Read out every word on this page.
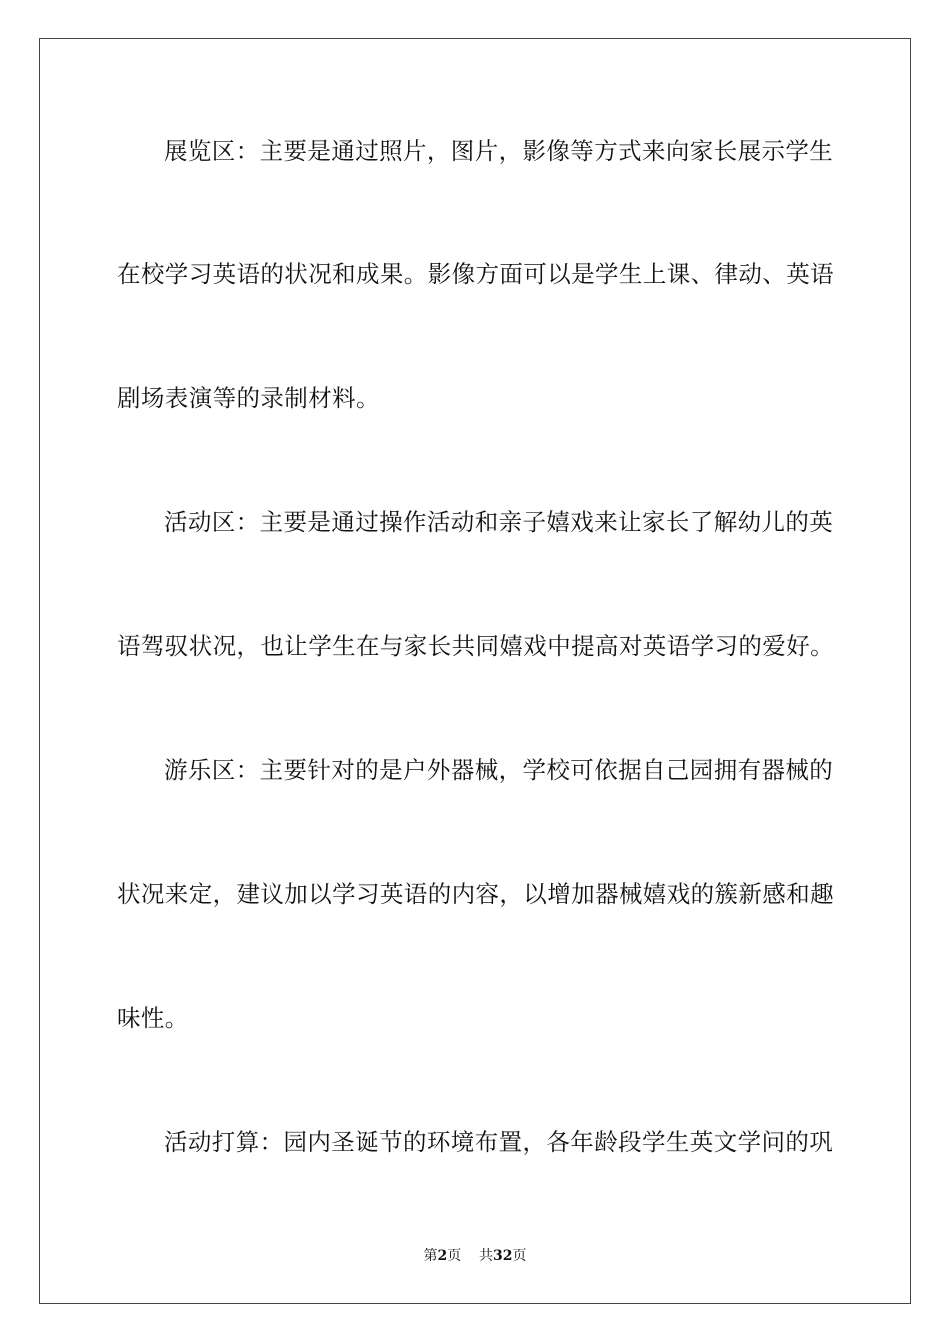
展览区：主要是通过照片，图片，影像等方式来向家长展示学生
在校学习英语的状况和成果。影像方面可以是学生上课、律动、英语
剧场表演等的录制材料。
活动区：主要是通过操作活动和亲子嬉戏来让家长了解幼儿的英
语驾驭状况，也让学生在与家长共同嬉戏中提高对英语学习的爱好。
游乐区：主要针对的是户外器械，学校可依据自己园拥有器械的
状况来定，建议加以学习英语的内容，以增加器械嬉戏的簇新感和趣
味性。
活动打算：园内圣诞节的环境布置，各年龄段学生英文学问的巩
第2页 共32页
